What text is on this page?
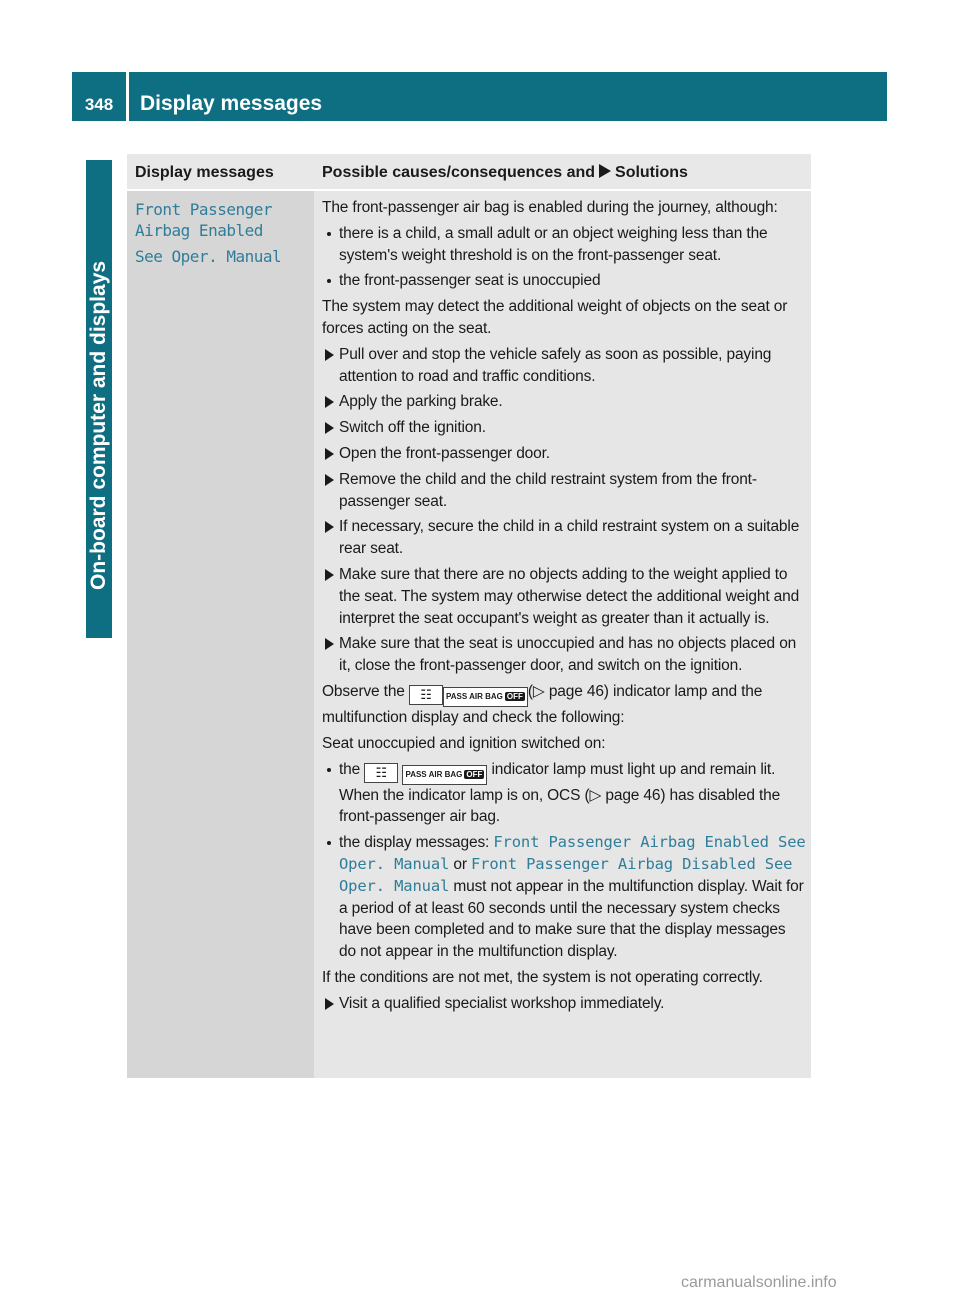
348	Display messages
On-board computer and displays
Display messages	Possible causes/consequences and Solutions
Front Passenger
Airbag Enabled
See Oper. Manual

The front-passenger air bag is enabled during the journey, although:

there is a child, a small adult or an object weighing less than the system's weight threshold is on the front-passenger seat.
the front-passenger seat is unoccupied

The system may detect the additional weight of objects on the seat or forces acting on the seat.

Pull over and stop the vehicle safely as soon as possible, paying attention to road and traffic conditions.
Apply the parking brake.
Switch off the ignition.
Open the front-passenger door.
Remove the child and the child restraint system from the front-passenger seat.
If necessary, secure the child in a child restraint system on a suitable rear seat.
Make sure that there are no objects adding to the weight applied to the seat. The system may otherwise detect the additional weight and interpret the seat occupant's weight as greater than it actually is.
Make sure that the seat is unoccupied and has no objects placed on it, close the front-passenger door, and switch on the ignition.

Observe the ☷ PASS AIR BAG OFF (▷ page 46) indicator lamp and the multifunction display and check the following:

Seat unoccupied and ignition switched on:

the ☷ PASS AIR BAG OFF indicator lamp must light up and remain lit. When the indicator lamp is on, OCS (▷ page 46) has disabled the front-passenger air bag.
the display messages: Front Passenger Airbag Enabled See Oper. Manual or Front Passenger Airbag Disabled See Oper. Manual must not appear in the multifunction display. Wait for a period of at least 60 seconds until the necessary system checks have been completed and to make sure that the display messages do not appear in the multifunction display.

If the conditions are not met, the system is not operating correctly.

Visit a qualified specialist workshop immediately.
carmanualsonline.info
